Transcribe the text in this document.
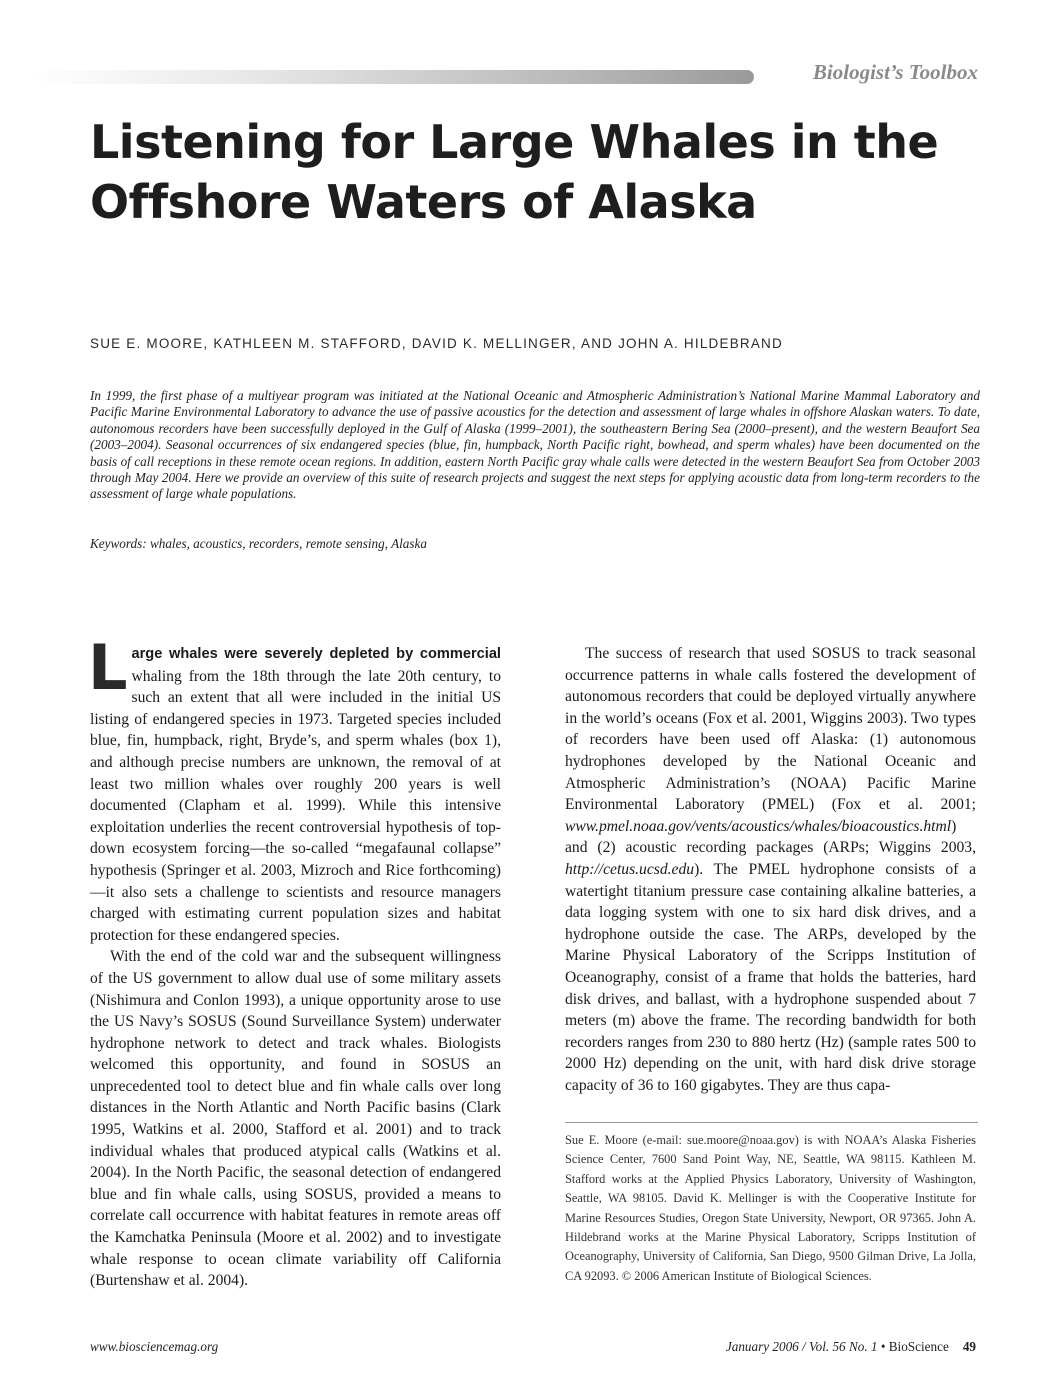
Biologist’s Toolbox
Listening for Large Whales in the Offshore Waters of Alaska
SUE E. MOORE, KATHLEEN M. STAFFORD, DAVID K. MELLINGER, AND JOHN A. HILDEBRAND
In 1999, the first phase of a multiyear program was initiated at the National Oceanic and Atmospheric Administration’s National Marine Mammal Laboratory and Pacific Marine Environmental Laboratory to advance the use of passive acoustics for the detection and assessment of large whales in offshore Alaskan waters. To date, autonomous recorders have been successfully deployed in the Gulf of Alaska (1999–2001), the southeastern Bering Sea (2000–present), and the western Beaufort Sea (2003–2004). Seasonal occurrences of six endangered species (blue, fin, humpback, North Pacific right, bowhead, and sperm whales) have been documented on the basis of call receptions in these remote ocean regions. In addition, eastern North Pacific gray whale calls were detected in the western Beaufort Sea from October 2003 through May 2004. Here we provide an overview of this suite of research projects and suggest the next steps for applying acoustic data from long-term recorders to the assessment of large whale populations.
Keywords: whales, acoustics, recorders, remote sensing, Alaska

Large whales were severely depleted by commercial whaling from the 18th through the late 20th century, to such an extent that all were included in the initial US listing of endangered species in 1973. Targeted species included blue, fin, humpback, right, Bryde’s, and sperm whales (box 1), and although precise numbers are unknown, the removal of at least two million whales over roughly 200 years is well documented (Clapham et al. 1999). While this intensive exploitation underlies the recent controversial hypothesis of top-down ecosystem forcing—the so-called “megafaunal collapse” hypothesis (Springer et al. 2003, Mizroch and Rice forthcoming)—it also sets a challenge to scientists and resource managers charged with estimating current population sizes and habitat protection for these endangered species.

With the end of the cold war and the subsequent willingness of the US government to allow dual use of some military assets (Nishimura and Conlon 1993), a unique opportunity arose to use the US Navy’s SOSUS (Sound Surveillance System) underwater hydrophone network to detect and track whales. Biologists welcomed this opportunity, and found in SOSUS an unprecedented tool to detect blue and fin whale calls over long distances in the North Atlantic and North Pacific basins (Clark 1995, Watkins et al. 2000, Stafford et al. 2001) and to track individual whales that produced atypical calls (Watkins et al. 2004). In the North Pacific, the seasonal detection of endangered blue and fin whale calls, using SOSUS, provided a means to correlate call occurrence with habitat features in remote areas off the Kamchatka Peninsula (Moore et al. 2002) and to investigate whale response to ocean climate variability off California (Burtenshaw et al. 2004).

The success of research that used SOSUS to track seasonal occurrence patterns in whale calls fostered the development of autonomous recorders that could be deployed virtually anywhere in the world’s oceans (Fox et al. 2001, Wiggins 2003). Two types of recorders have been used off Alaska: (1) autonomous hydrophones developed by the National Oceanic and Atmospheric Administration’s (NOAA) Pacific Marine Environmental Laboratory (PMEL) (Fox et al. 2001; www.pmel.noaa.gov/vents/acoustics/whales/bioacoustics.html) and (2) acoustic recording packages (ARPs; Wiggins 2003, http://cetus.ucsd.edu). The PMEL hydrophone consists of a watertight titanium pressure case containing alkaline batteries, a data logging system with one to six hard disk drives, and a hydrophone outside the case. The ARPs, developed by the Marine Physical Laboratory of the Scripps Institution of Oceanography, consist of a frame that holds the batteries, hard disk drives, and ballast, with a hydrophone suspended about 7 meters (m) above the frame. The recording bandwidth for both recorders ranges from 230 to 880 hertz (Hz) (sample rates 500 to 2000 Hz) depending on the unit, with hard disk drive storage capacity of 36 to 160 gigabytes. They are thus capa-

Sue E. Moore (e-mail: sue.moore@noaa.gov) is with NOAA’s Alaska Fisheries Science Center, 7600 Sand Point Way, NE, Seattle, WA 98115. Kathleen M. Stafford works at the Applied Physics Laboratory, University of Washington, Seattle, WA 98105. David K. Mellinger is with the Cooperative Institute for Marine Resources Studies, Oregon State University, Newport, OR 97365. John A. Hildebrand works at the Marine Physical Laboratory, Scripps Institution of Oceanography, University of California, San Diego, 9500 Gilman Drive, La Jolla, CA 92093. © 2006 American Institute of Biological Sciences.
www.biosciencemag.org	January 2006 / Vol. 56 No. 1 • BioScience 49
